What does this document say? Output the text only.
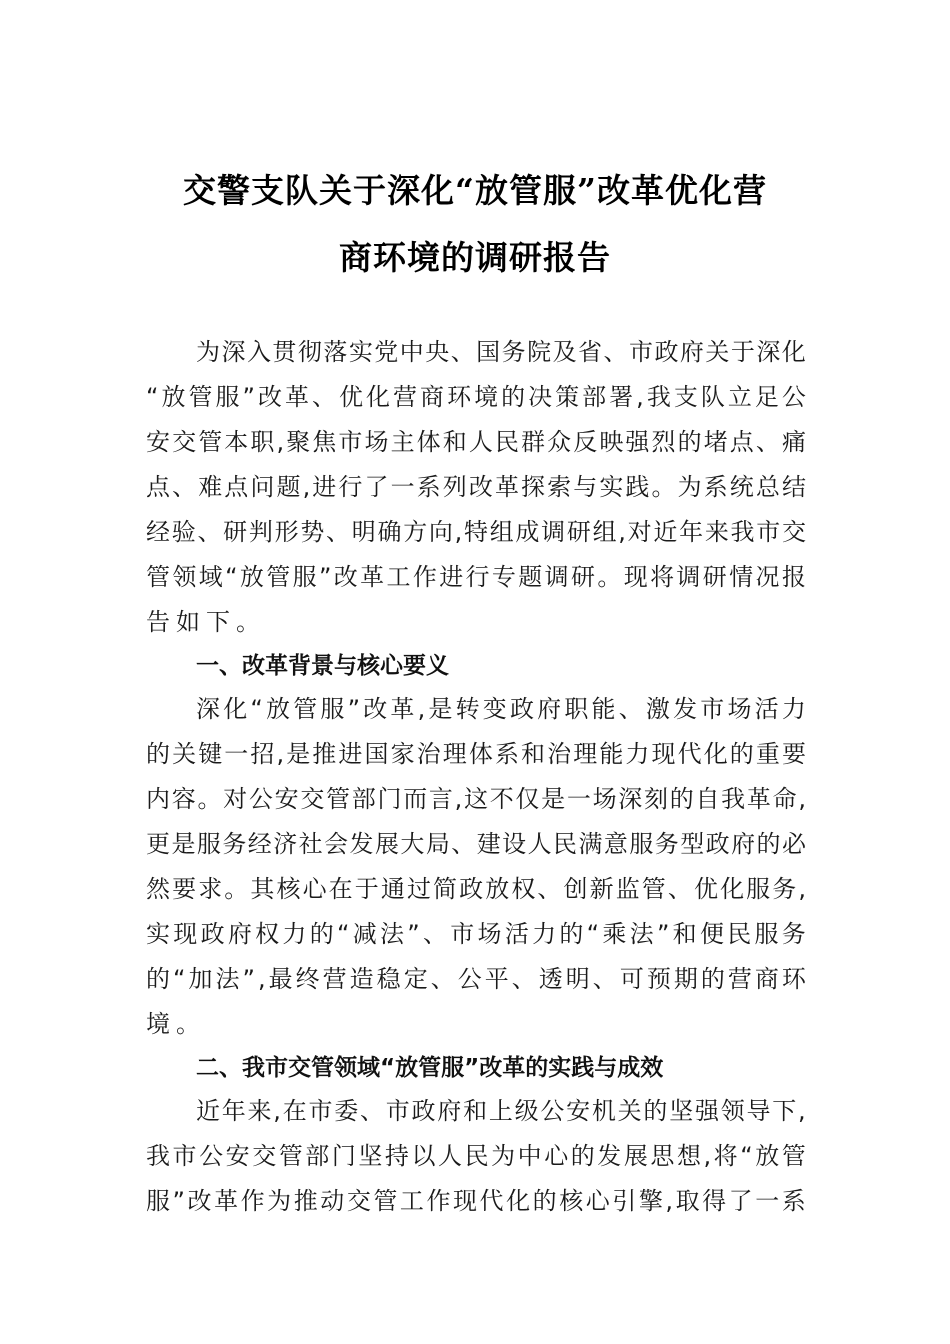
交警支队关于深化“放管服”改革优化营
商环境的调研报告
为 深 入 贯 彻 落 实 党 中 央 、 国 务 院 及 省 、 市 政 府 关 于 深 化
“ 放 管 服 ” 改 革 、 优 化 营 商 环 境 的 决 策 部 署 , 我 支 队 立 足 公
安 交 管 本 职 , 聚 焦 市 场 主 体 和 人 民 群 众 反 映 强 烈 的 堵 点 、 痛
点 、 难 点 问 题 , 进 行 了 一 系 列 改 革 探 索 与 实 践 。 为 系 统 总 结
经 验 、 研 判 形 势 、 明 确 方 向 , 特 组 成 调 研 组 , 对 近 年 来 我 市 交
管 领 域 “ 放 管 服 ” 改 革 工 作 进 行 专 题 调 研 。 现 将 调 研 情 况 报
告 如 下 。
一、改革背景与核心要义
深 化 “ 放 管 服 ” 改 革 , 是 转 变 政 府 职 能 、 激 发 市 场 活 力
的 关 键 一 招 , 是 推 进 国 家 治 理 体 系 和 治 理 能 力 现 代 化 的 重 要
内 容 。 对 公 安 交 管 部 门 而 言 , 这 不 仅 是 一 场 深 刻 的 自 我 革 命 ,
更 是 服 务 经 济 社 会 发 展 大 局 、 建 设 人 民 满 意 服 务 型 政 府 的 必
然 要 求 。 其 核 心 在 于 通 过 简 政 放 权 、 创 新 监 管 、 优 化 服 务 ,
实 现 政 府 权 力 的 “ 减 法 ” 、 市 场 活 力 的 “ 乘 法 ” 和 便 民 服 务
的 “ 加 法 ” , 最 终 营 造 稳 定 、 公 平 、 透 明 、 可 预 期 的 营 商 环
境 。
二、我市交管领域“放管服”改革的实践与成效
近 年 来 , 在 市 委 、 市 政 府 和 上 级 公 安 机 关 的 坚 强 领 导 下 ,
我 市 公 安 交 管 部 门 坚 持 以 人 民 为 中 心 的 发 展 思 想 , 将 “ 放 管
服 ” 改 革 作 为 推 动 交 管 工 作 现 代 化 的 核 心 引 擎 , 取 得 了 一 系
